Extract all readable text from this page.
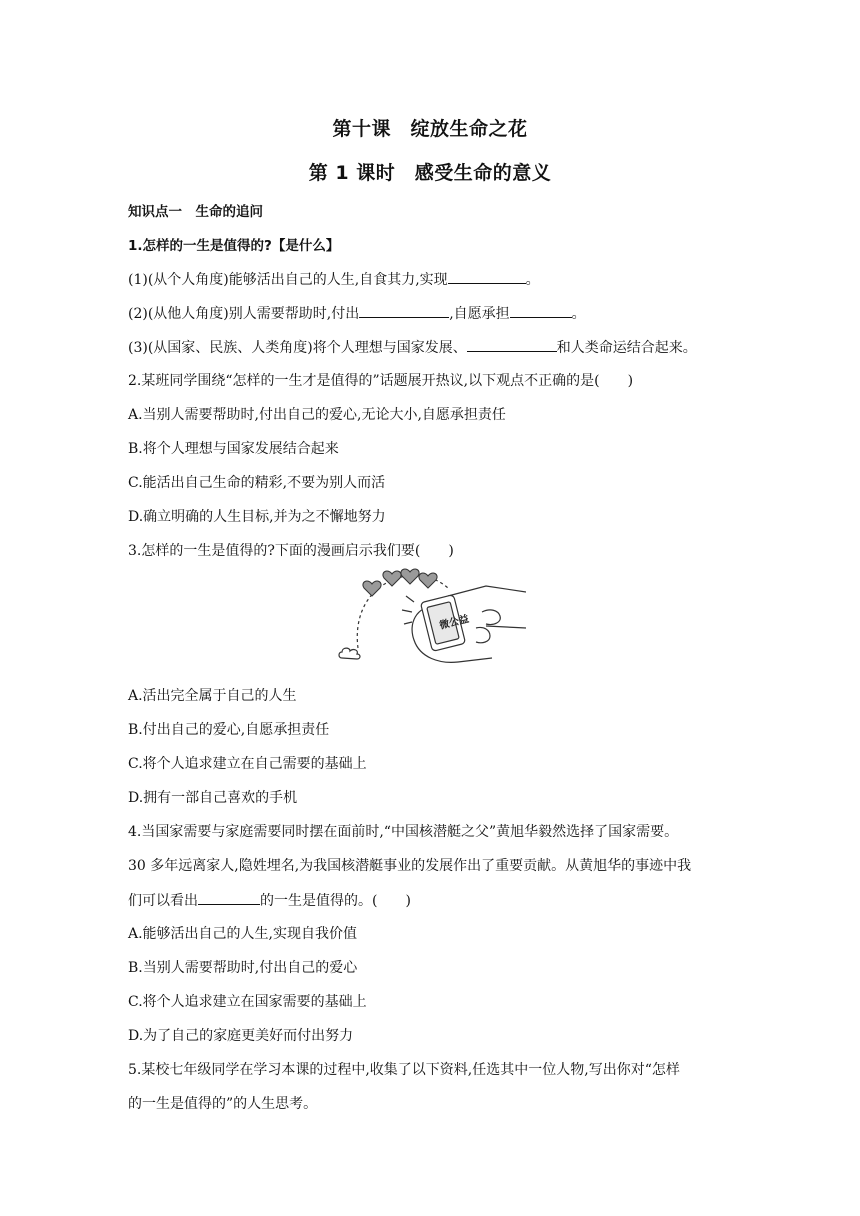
第十课　绽放生命之花
第 1 课时　感受生命的意义
知识点一　生命的追问
1.怎样的一生是值得的?【是什么】
(1)(从个人角度)能够活出自己的人生,自食其力,实现	。
(2)(从他人角度)别人需要帮助时,付出	,自愿承担	。
(3)(从国家、民族、人类角度)将个人理想与国家发展、	和人类命运结合起来。
2.某班同学围绕“怎样的一生才是值得的”话题展开热议,以下观点不正确的是(　　)
A.当别人需要帮助时,付出自己的爱心,无论大小,自愿承担责任
B.将个人理想与国家发展结合起来
C.能活出自己生命的精彩,不要为别人而活
D.确立明确的人生目标,并为之不懈地努力
3.怎样的一生是值得的?下面的漫画启示我们要(　　)
微公益
A.活出完全属于自己的人生
B.付出自己的爱心,自愿承担责任
C.将个人追求建立在自己需要的基础上
D.拥有一部自己喜欢的手机
4.当国家需要与家庭需要同时摆在面前时,“中国核潜艇之父”黄旭华毅然选择了国家需要。
30 多年远离家人,隐姓埋名,为我国核潜艇事业的发展作出了重要贡献。从黄旭华的事迹中我
们可以看出	的一生是值得的。(　　)
A.能够活出自己的人生,实现自我价值
B.当别人需要帮助时,付出自己的爱心
C.将个人追求建立在国家需要的基础上
D.为了自己的家庭更美好而付出努力
5.某校七年级同学在学习本课的过程中,收集了以下资料,任选其中一位人物,写出你对“怎样
的一生是值得的”的人生思考。
